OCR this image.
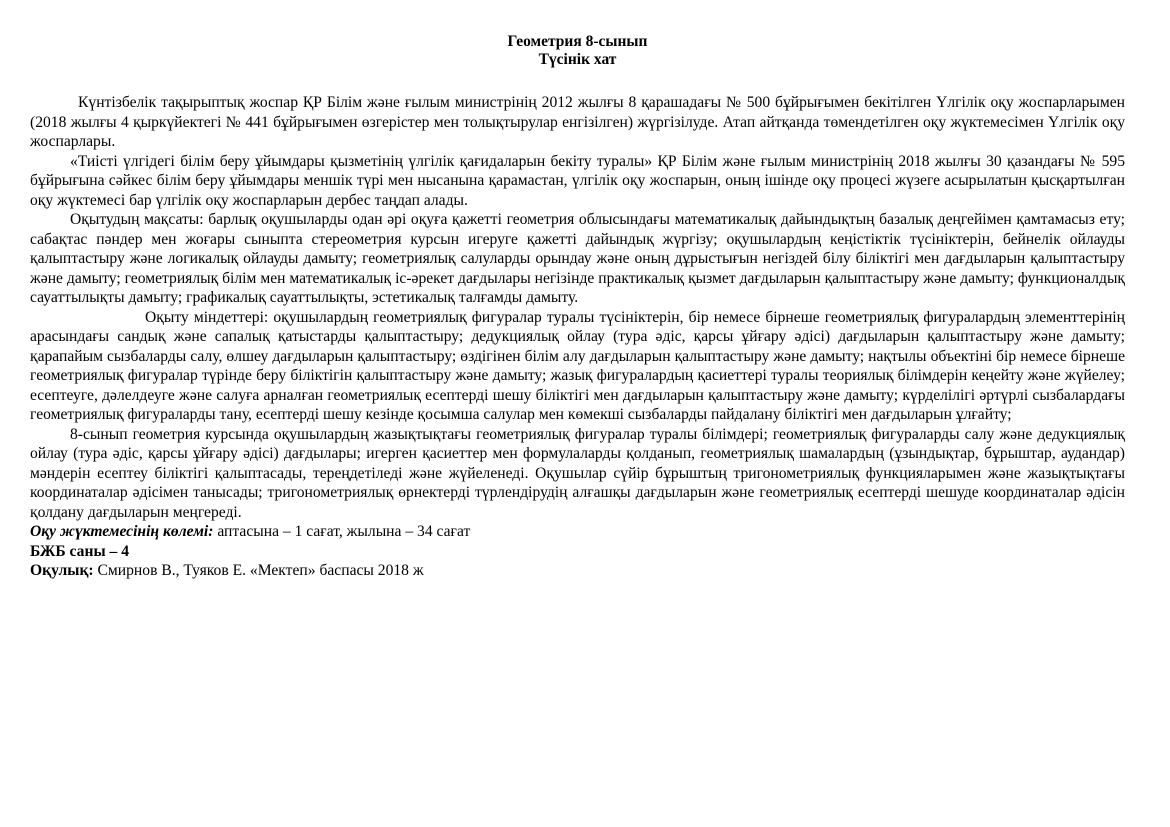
Геометрия 8-сынып
Түсінік хат

Күнтізбелік тақырыптық жоспар ҚР Білім және ғылым министрінің 2012 жылғы 8 қарашадағы № 500 бұйрығымен бекітілген Үлгілік оқу жоспарларымен (2018 жылғы 4 қыркүйектегі № 441 бұйрығымен өзгерістер мен толықтырулар енгізілген) жүргізілуде. Атап айтқанда төмендетілген оқу жүктемесімен Үлгілік оқу жоспарлары.

«Тиісті үлгідегі білім беру ұйымдары қызметінің үлгілік қағидаларын бекіту туралы» ҚР Білім және ғылым министрінің 2018 жылғы 30 қазандағы № 595 бұйрығына сәйкес білім беру ұйымдары меншік түрі мен нысанына қарамастан, үлгілік оқу жоспарын, оның ішінде оқу процесі жүзеге асырылатын қысқартылған оқу жүктемесі бар үлгілік оқу жоспарларын дербес таңдап алады.

Оқытудың мақсаты: барлық оқушыларды одан әрі оқуға қажетті геометрия облысындағы математикалық дайындықтың базалық деңгейімен қамтамасыз ету; сабақтас пәндер мен жоғары сыныпта стереометрия курсын игеруге қажетті дайындық жүргізу; оқушылардың кеңістіктік түсініктерін, бейнелік ойлауды қалыптастыру және логикалық ойлауды дамыту; геометриялық салуларды орындау және оның дұрыстығын негіздей білу біліктігі мен дағдыларын қалыптастыру және дамыту; геометриялық білім мен математикалық іс-әрекет дағдылары негізінде практикалық қызмет дағдыларын қалыптастыру және дамыту; функционалдық сауаттылықты дамыту; графикалық сауаттылықты, эстетикалық талғамды дамыту.

Оқыту міндеттері: оқушылардың геометриялық фигуралар туралы түсініктерін, бір немесе бірнеше геометриялық фигуралардың элементтерінің арасындағы сандық және сапалық қатыстарды қалыптастыру; дедукциялық ойлау (тура әдіс, қарсы ұйғару әдісі) дағдыларын қалыптастыру және дамыту; қарапайым сызбаларды салу, өлшеу дағдыларын қалыптастыру; өздігінен білім алу дағдыларын қалыптастыру және дамыту; нақтылы объектіні бір немесе бірнеше геометриялық фигуралар түрінде беру біліктігін қалыптастыру және дамыту; жазық фигуралардың қасиеттері туралы теориялық білімдерін кеңейту және жүйелеу; есептеуге, дәлелдеуге және салуға арналған геометриялық есептерді шешу біліктігі мен дағдыларын қалыптастыру және дамыту; күрделілігі әртүрлі сызбалардағы геометриялық фигураларды тану, есептерді шешу кезінде қосымша салулар мен көмекші сызбаларды пайдалану біліктігі мен дағдыларын ұлғайту;

8-сынып геометрия курсында оқушылардың жазықтықтағы геометриялық фигуралар туралы білімдері; геометриялық фигураларды салу және дедукциялық ойлау (тура әдіс, қарсы ұйғару әдісі) дағдылары; игерген қасиеттер мен формулаларды қолданып, геометриялық шамалардың (ұзындықтар, бұрыштар, аудандар) мәндерін есептеу біліктігі қалыптасады, тереңдетіледі және жүйеленеді. Оқушылар сүйір бұрыштың тригонометриялық функцияларымен және жазықтықтағы координаталар әдісімен танысады; тригонометриялық өрнектерді түрлендірудің алғашқы дағдыларын және геометриялық есептерді шешуде координаталар әдісін қолдану дағдыларын меңгереді.

Оқу жүктемесінің көлемі: аптасына – 1 сағат, жылына – 34 сағат

БЖБ саны – 4

Оқулық: Смирнов В., Туяков Е. «Мектеп» баспасы 2018 ж
